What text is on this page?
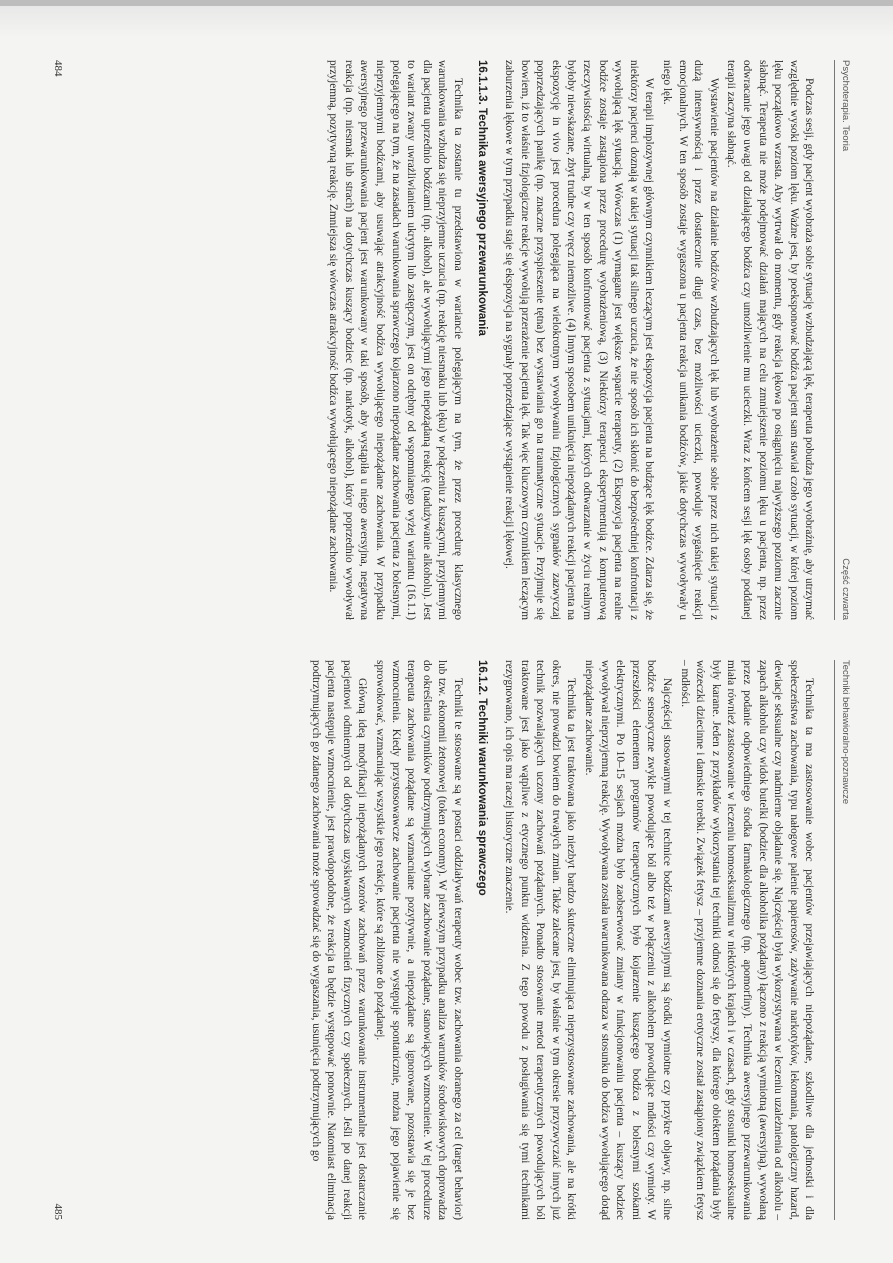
Psychoterapia. Teoria
Część czwarta

Podczas sesji, gdy pacjent wyobraża sobie sytuację wzbudzającą lęk, terapeuta pobudza jego wyobraźnię, aby utrzymać względnie wysoki poziom lęku. Ważne jest, by poeksponować bodźca pacjent sam stawiał czoło sytuacji, w której poziom lęku początkowo wzrasta. Aby wytrwał do momentu, gdy reakcja lękowa po osiągnięciu najwyższego poziomu zacznie słabnąć. Terapeuta nie może podejmować działań mających na celu zmniejszenie poziomu lęku u pacjenta, np. przez odwracanie jego uwagi od działającego bodźca czy umożliwienie mu ucieczki. Wraz z końcem sesji lęk osoby poddanej terapii zaczyna słabnąć.

Wystawienie pacjentów na działanie bodźców wzbudzających lęk lub wyobrażenie sobie przez nich takiej sytuacji z dużą intensywnością i przez dostatecznie długi czas, bez możliwości ucieczki, powoduje wygaśnięcie reakcji emocjonalnych. W ten sposób zostaje wygaszona u pacjenta reakcja unikania bodźców, jakie dotychczas wywoływały u niego lęk.

W terapii implozywnej głównym czynnikiem leczącym jest ekspozycja pacjenta na budzące lęk bodźce. Zdarza się, że niektórzy pacjenci doznają w takiej sytuacji tak silnego uczucia, że nie sposób ich skłonić do bezpośredniej konfrontacji z wywołującą lęk sytuacją. Wówczas (1) wymagane jest większe wsparcie terapeuty, (2) Ekspozycja pacjenta na realne bodźce zostaje zastąpiona przez procedurę wyobrażeniową, (3) Niektórzy terapeuci eksperymentują z komputerową rzeczywistością wirtualną, by w ten sposób konfrontować pacjenta z sytuacjami, których odtwarzanie w życiu realnym byłoby niewskazane, zbyt trudne czy wręcz niemożliwe. (4) Innym sposobem uniknięcia niepożądanych reakcji pacjenta na ekspozycję in vivo jest procedura polegająca na wielokrotnym wywoływaniu fizjologicznych sygnałów zazwyczaj poprzedzających panikę (np. znaczne przyspieszenie tętna) bez wystawiania go na traumatyczne sytuacje. Przyjmuje się bowiem, iż to właśnie fizjologiczne reakcje wywołują przerażenie pacjenta lęk. Tak więc kluczowym czynnikiem leczącym zaburzenia lękowe w tym przypadku staje się ekspozycja na sygnały poprzedzające wystąpienie reakcji lękowej.

16.1.1.3. Technika awersyjnego przewarunkowania

Technika ta zostanie tu przedstawiona w wariancie polegającym na tym, że przez procedurę klasycznego warunkowania wzbudza się nieprzyjemne uczucia (np. reakcję niesmaku lub lęku) w połączeniu z kuszącymi, przyjemnymi dla pacjenta uprzednio bodźcami (np. alkohol), ale wywołującymi jego niepożądaną reakcję (nadużywanie alkoholu). Jest to wariant zwany uwrażliwianiem ukrytym lub zastępczym, jest on odrębny od wspomnianego wyżej wariantu (16.1.1) polegającego na tym, że na zasadach warunkowania sprawczego kojarzono niepożądane zachowania pacjenta z bolesnymi, nieprzyjemnymi bodźcami, aby usuwając atrakcyjność bodźca wywołującego niepożądane zachowania. W przypadku awersyjnego przewarunkowania pacjent jest warunkowany w taki sposób, aby wystąpiła u niego awersyjna, negatywna reakcja (np. niesmak lub strach) na dotychczas kuszący bodziec (np. narkotyk, alkohol), który poprzednio wywoływał przyjemną, pozytywną reakcję. Zmniejsza się wówczas atrakcyjność bodźca wywołującego niepożądane zachowania.

484
Techniki behawioralno-poznawcze

Technika ta ma zastosowanie wobec pacjentów przejawiających niepożądane, szkodliwe dla jednostki i dla społeczeństwa zachowania, typu nałogowe palenie papierosów, zażywanie narkotyków, lekomania, patologiczny hazard, dewiacje seksualne czy nadmierne objadanie się. Najczęściej była wykorzystywana w leczeniu uzależnienia od alkoholu – zapach alkoholu czy widok butelki (bodziec dla alkoholika pożądany) łączono z reakcją wymiotną (awersyjną), wywołaną przez podanie odpowiedniego środka farmakologicznego (np. apomorfiny). Technika awersyjnego przewarunkowania miała również zastosowanie w leczeniu homoseksualizmu w niektórych krajach i w czasach, gdy stosunki homoseksualne były karane. Jeden z przykładów wykorzystania tej techniki odnosi się do fetyszy, dla którego obiektem pożądania były wózeczki dziecinne i damskie torebki. Związek fetysz – przyjemne doznania erotyczne został zastąpiony związkiem fetysz – mdłości.

Najczęściej stosowanymi w tej technice bodźcami awersyjnymi są środki wymiotne czy przykre objawy, np. silne bodźce sensoryczne zwykle powodujące ból albo też w połączeniu z alkoholem powodujące mdłości czy wymioty. W przeszłości elementem programów terapeutycznych było kojarzenie kuszącego bodźca z bolesnymi szokami elektrycznymi. Po 10–15 sesjach można było zaobserwować zmiany w funkcjonowaniu pacjenta – kuszący bodziec wywoływał nieprzyjemną reakcję. Wywoływana została uwarunkowana odraza w stosunku do bodźca wywołującego dotąd niepożądane zachowanie.

Technika ta jest traktowana jako niezbyt bardzo skuteczne eliminująca nieprzystosowane zachowania, ale na krótki okres, nie prowadzi bowiem do trwałych zmian. Także zalecane jest, by właśnie w tym okresie przyzwyczaić innych już technik pozwalających uczony zachowań pożądanych. Ponadto stosowanie metod terapeutycznych powodujących ból traktowane jest jako wątpliwe z etycznego punktu widzenia. Z tego powodu z posługiwania się tymi technikami rezygnowano, ich opis ma raczej historyczne znaczenie.

16.1.2. Techniki warunkowania sprawczego

Techniki te stosowane są w postaci oddziaływań terapeuty wobec tzw. zachowania obranego za cel (target behavior) lub tzw. ekonomii żetonowej (token economy). W pierwszym przypadku analiza warunków środowiskowych doprowadza do określenia czynników podtrzymujących wybrane zachowanie pożądane, stanowiących wzmocnienie. W tej procedurze terapeuta zachowania pożądane są wzmacniane pozytywnie, a niepożądane są ignorowane, pozostawia się je bez wzmocnienia. Kiedy przystosowawcze zachowanie pacjenta nie występuje spontanicznie, można jego pojawienie się sprowokować, wzmacniając wszystkie jego reakcje, które są zbliżone do pożądanej.

Główną ideą modyfikacji niepożądanych wzorów zachowań przez warunkowanie instrumentalne jest dostarczanie pacjentowi odmiennych od dotychczas uzyskiwanych wzmocnień fizycznych czy społecznych. Jeśli po danej reakcji pacjenta następuje wzmocnienie, jest prawdopodobne, że reakcja ta będzie występować ponownie. Natomiast eliminacja podtrzymujących go zdanego zachowania może sprowadzać się do wygaszania, usunięcia podtrzymujących go

485
